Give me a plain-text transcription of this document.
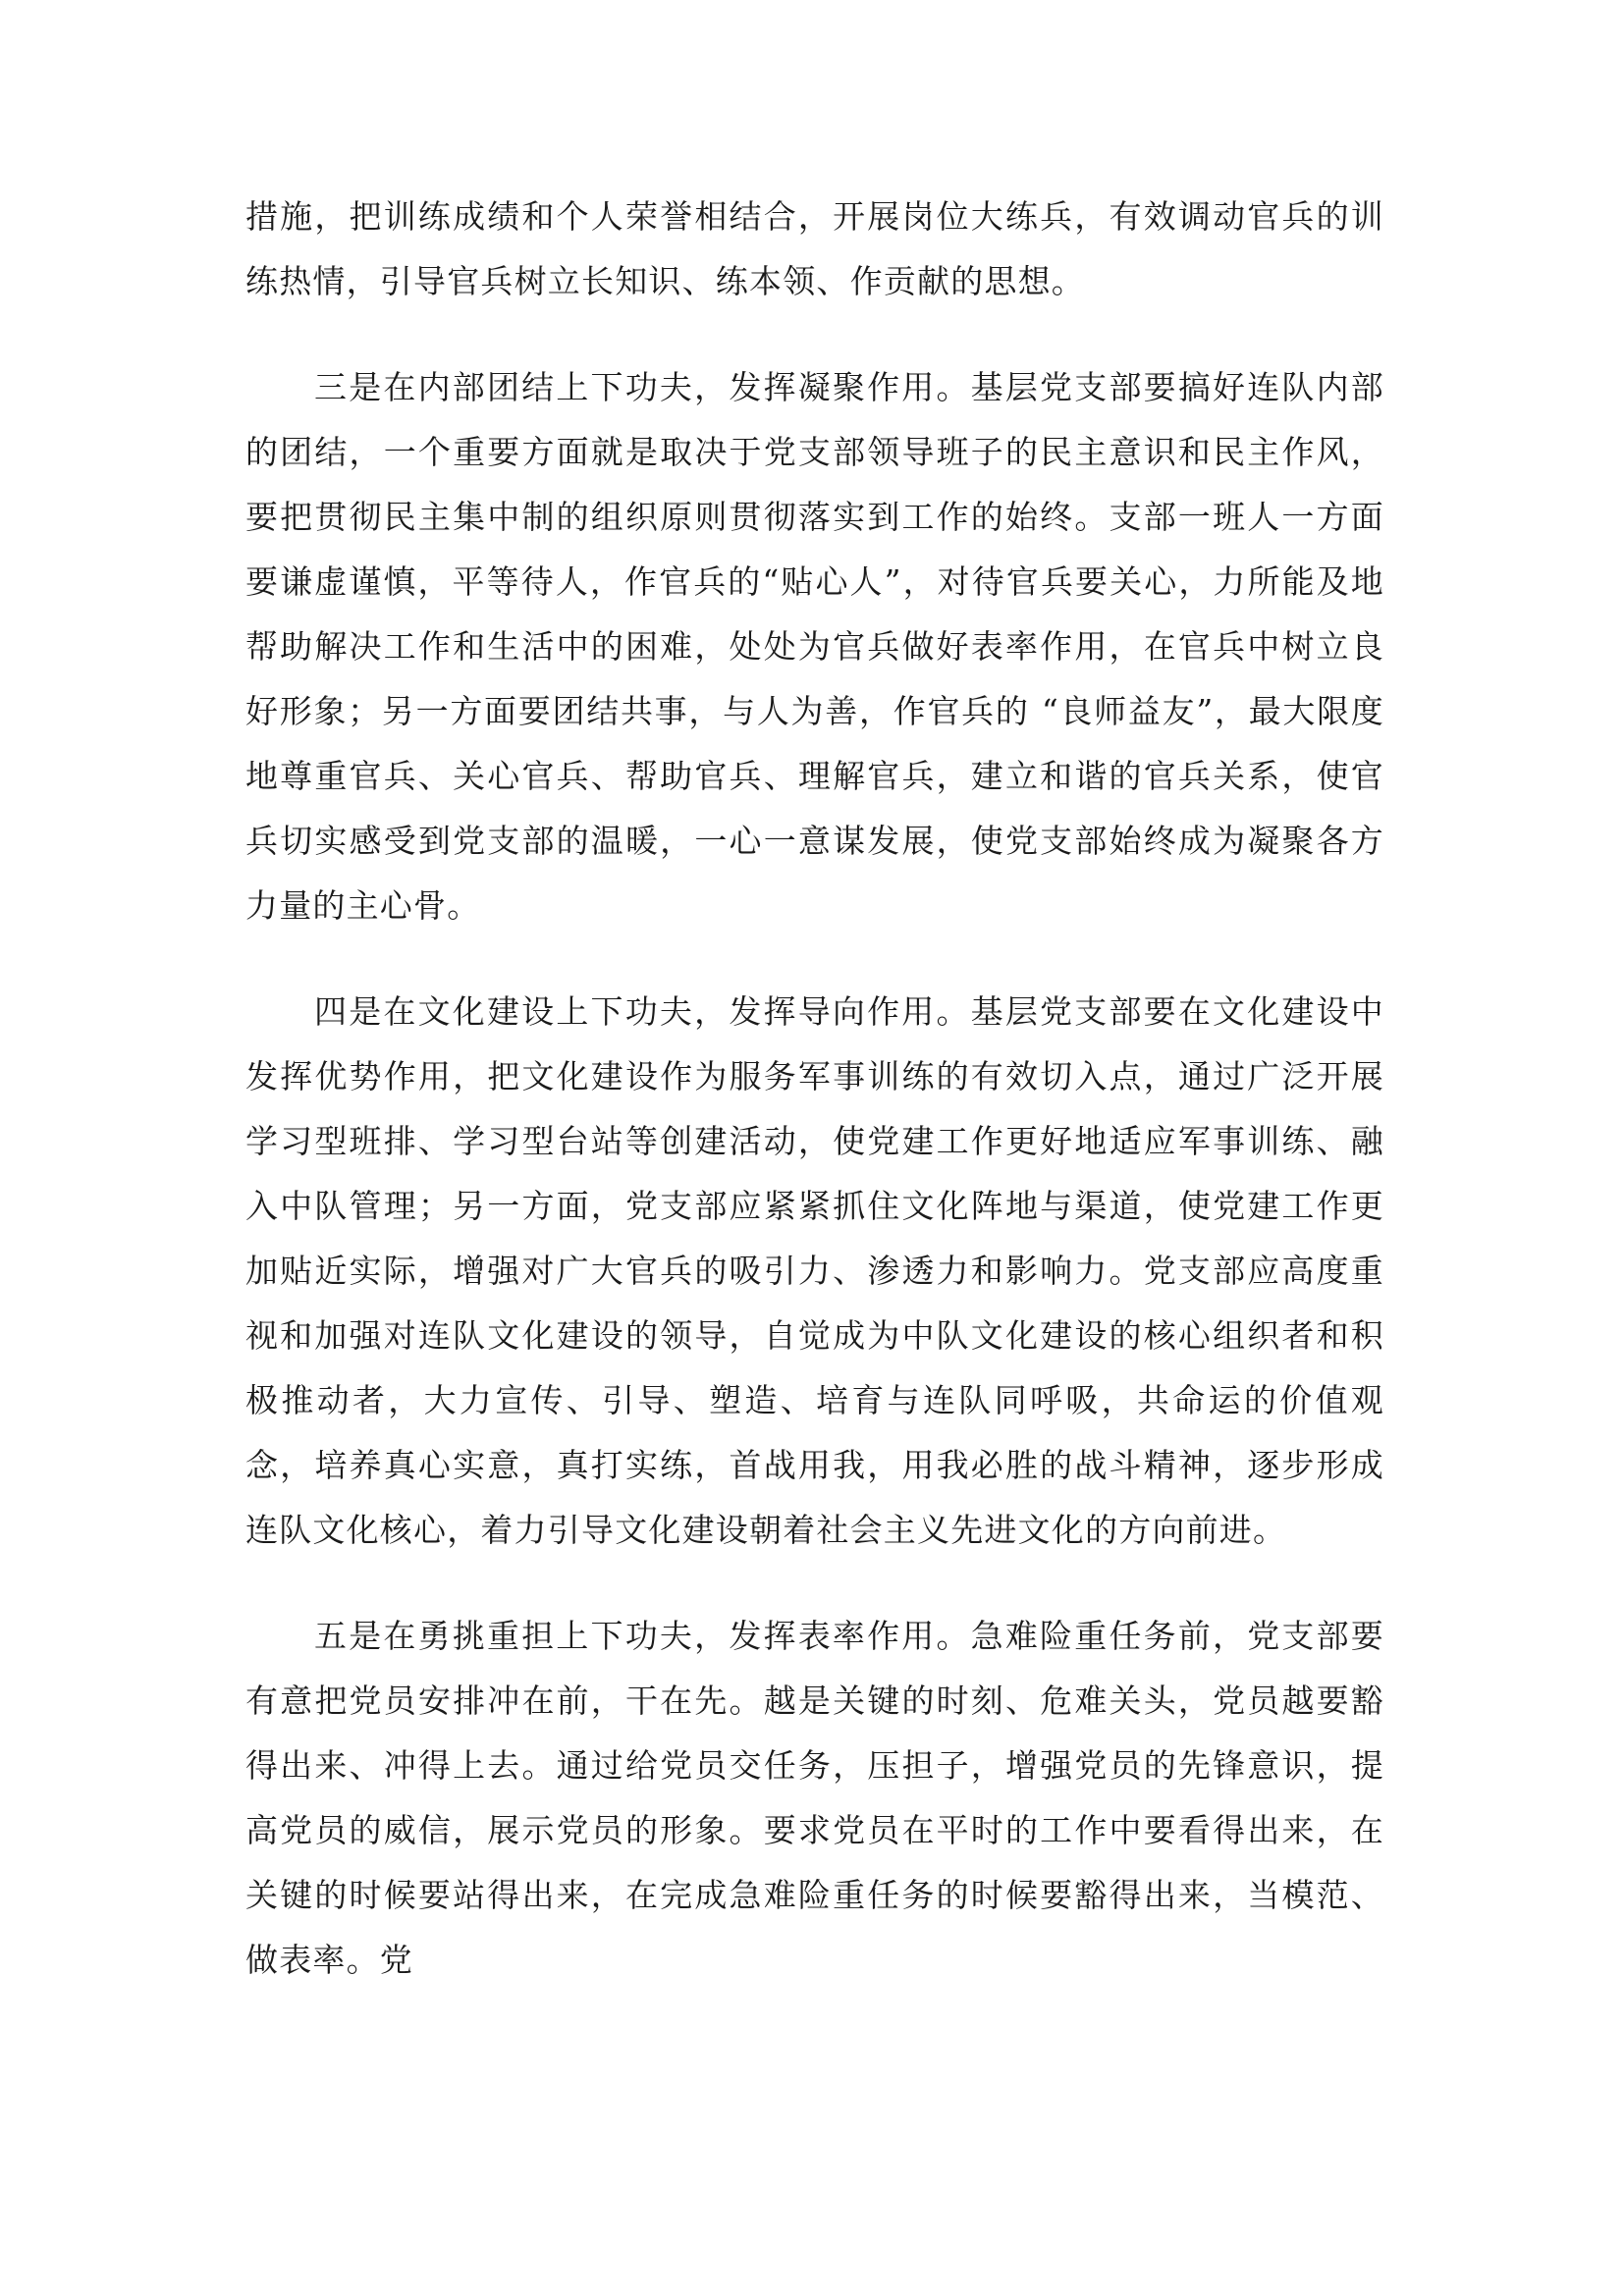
措施，把训练成绩和个人荣誉相结合，开展岗位大练兵，有效调动官兵的训练热情，引导官兵树立长知识、练本领、作贡献的思想。

三是在内部团结上下功夫，发挥凝聚作用。基层党支部要搞好连队内部的团结，一个重要方面就是取决于党支部领导班子的民主意识和民主作风，要把贯彻民主集中制的组织原则贯彻落实到工作的始终。支部一班人一方面要谦虚谨慎，平等待人，作官兵的“贴心人”，对待官兵要关心，力所能及地帮助解决工作和生活中的困难，处处为官兵做好表率作用，在官兵中树立良好形象；另一方面要团结共事，与人为善，作官兵的 “良师益友”，最大限度地尊重官兵、关心官兵、帮助官兵、理解官兵，建立和谐的官兵关系，使官兵切实感受到党支部的温暖，一心一意谋发展，使党支部始终成为凝聚各方力量的主心骨。

四是在文化建设上下功夫，发挥导向作用。基层党支部要在文化建设中发挥优势作用，把文化建设作为服务军事训练的有效切入点，通过广泛开展学习型班排、学习型台站等创建活动，使党建工作更好地适应军事训练、融入中队管理；另一方面，党支部应紧紧抓住文化阵地与渠道，使党建工作更加贴近实际，增强对广大官兵的吸引力、渗透力和影响力。党支部应高度重视和加强对连队文化建设的领导，自觉成为中队文化建设的核心组织者和积极推动者，大力宣传、引导、塑造、培育与连队同呼吸，共命运的价值观念，培养真心实意，真打实练，首战用我，用我必胜的战斗精神，逐步形成连队文化核心，着力引导文化建设朝着社会主义先进文化的方向前进。

五是在勇挑重担上下功夫，发挥表率作用。急难险重任务前，党支部要有意把党员安排冲在前，干在先。越是关键的时刻、危难关头，党员越要豁得出来、冲得上去。通过给党员交任务，压担子，增强党员的先锋意识，提高党员的威信，展示党员的形象。要求党员在平时的工作中要看得出来，在关键的时候要站得出来，在完成急难险重任务的时候要豁得出来，当模范、做表率。党
